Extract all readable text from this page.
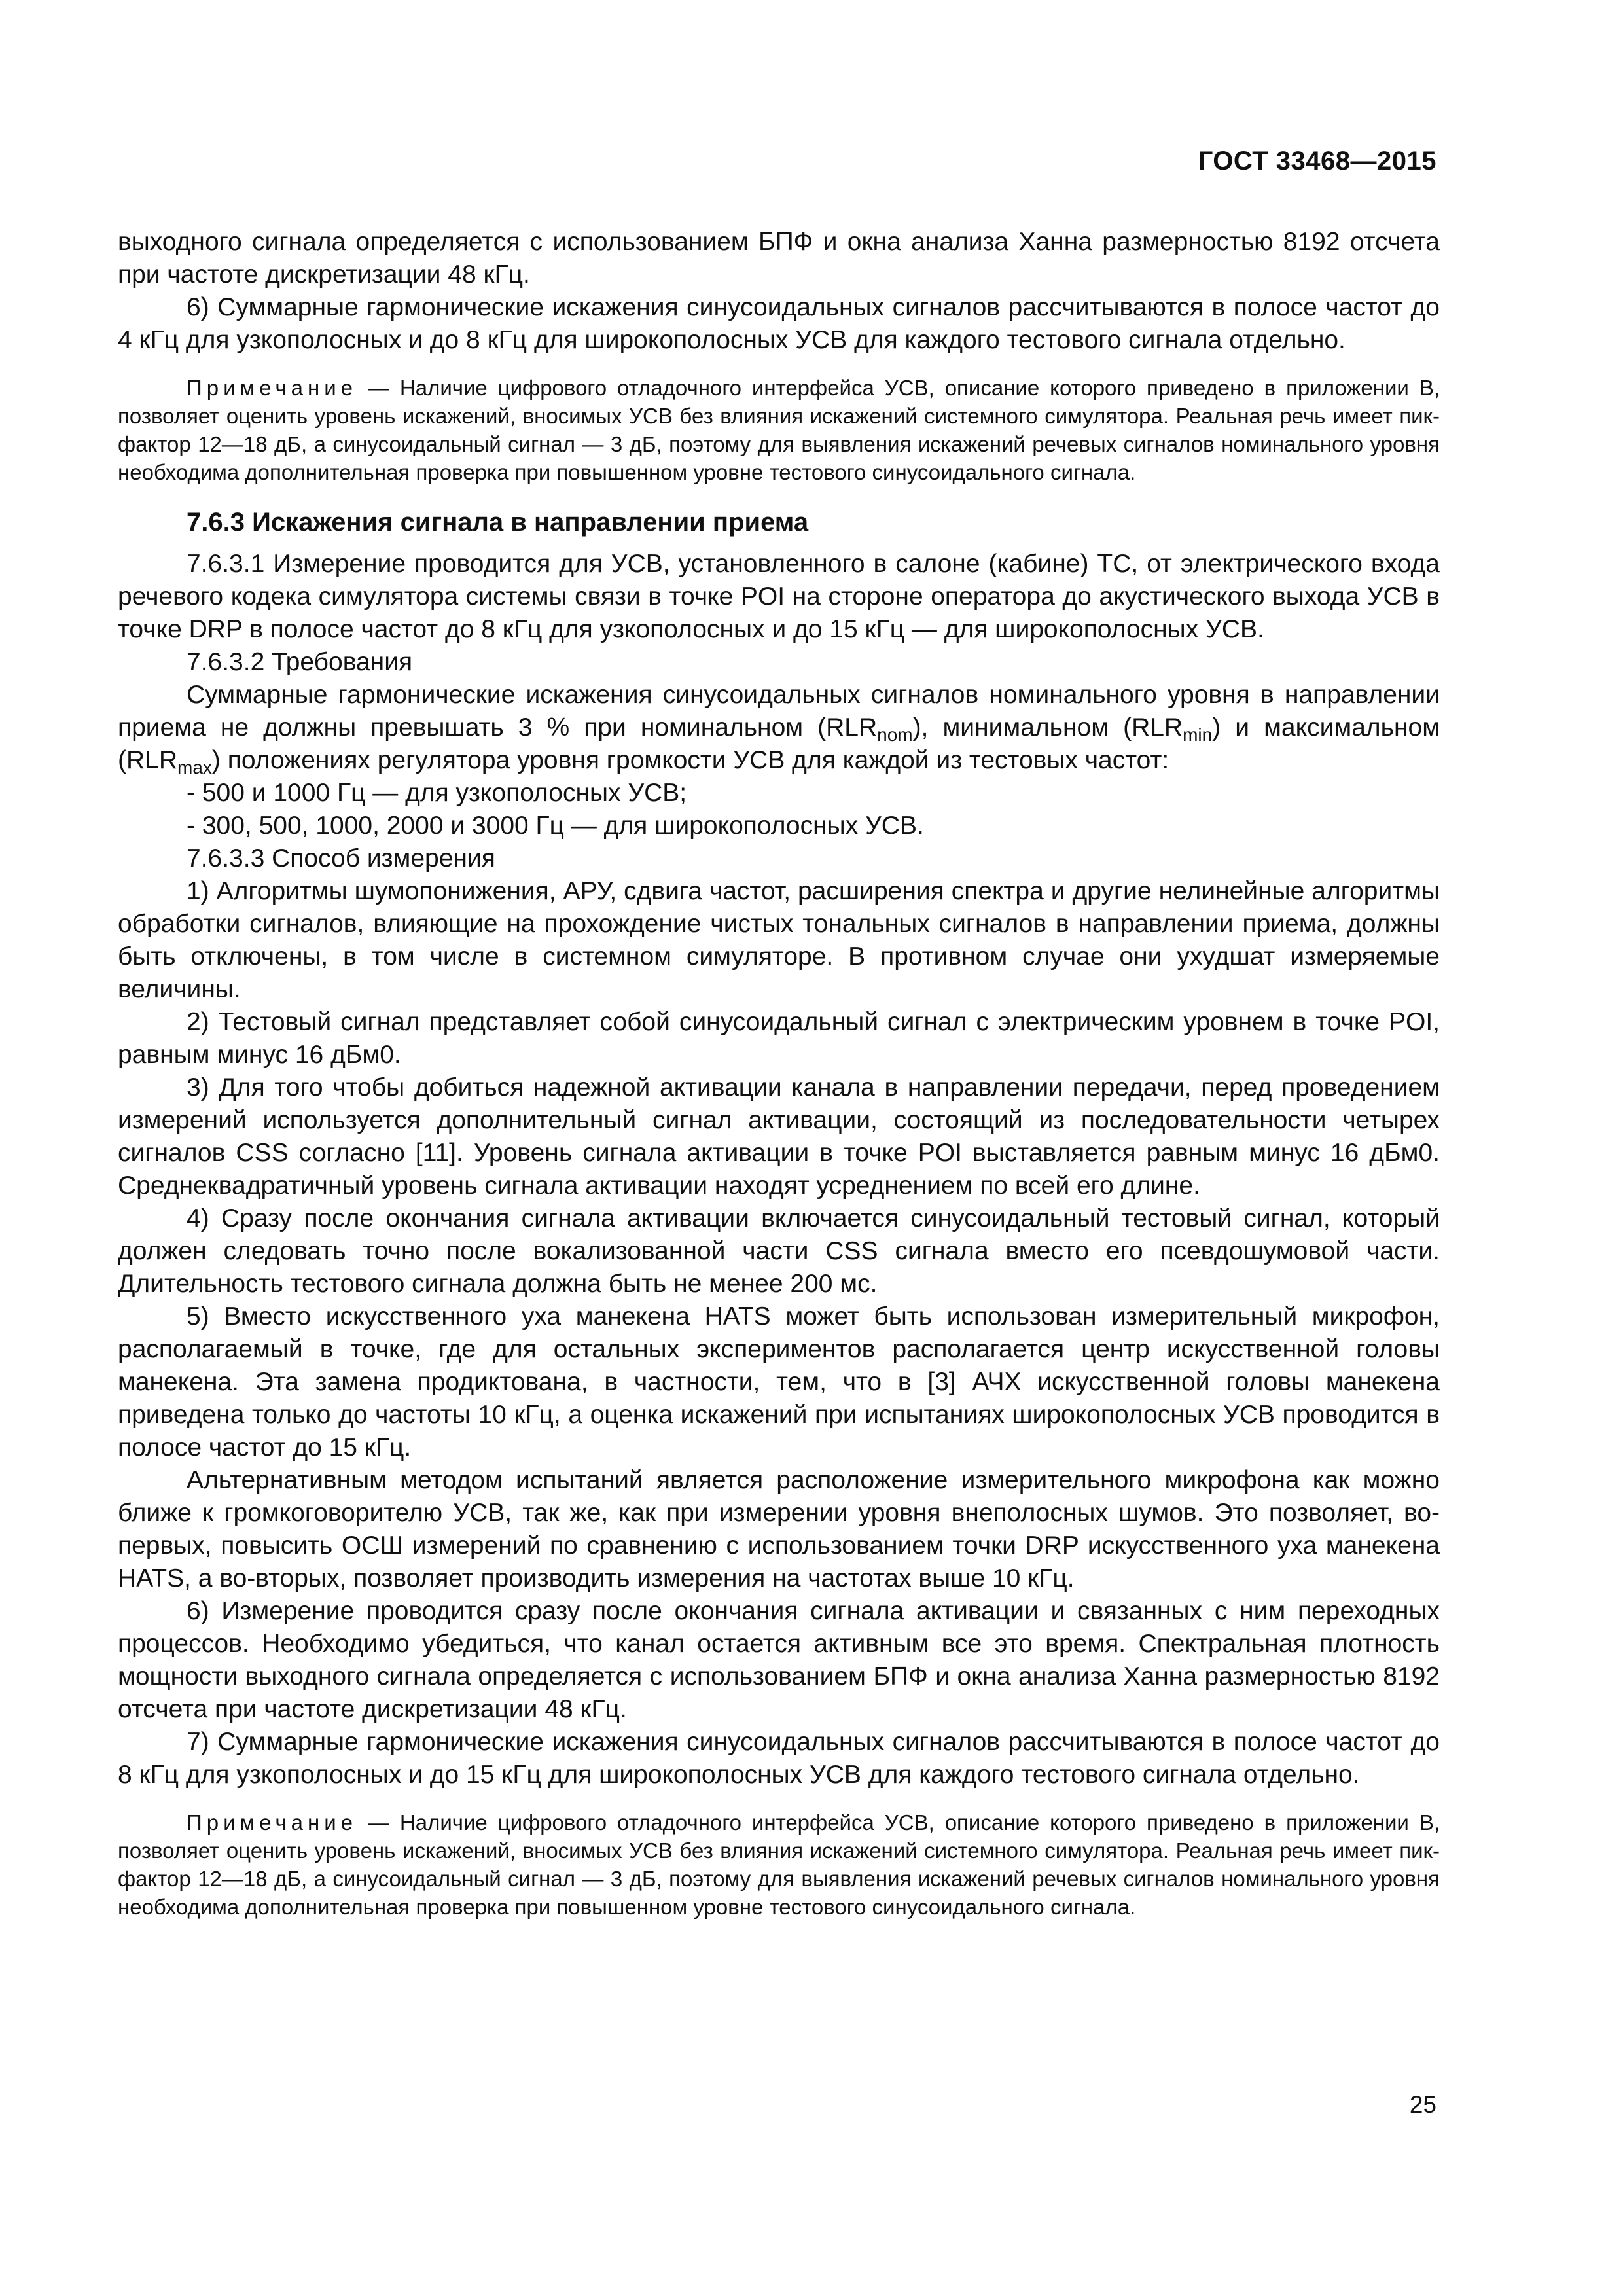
ГОСТ 33468—2015

выходного сигнала определяется с использованием БПФ и окна анализа Ханна размерностью 8192 отсчета при частоте дискретизации 48 кГц.

6) Суммарные гармонические искажения синусоидальных сигналов рассчитываются в полосе частот до 4 кГц для узкополосных и до 8 кГц для широкополосных УСВ для каждого тестового сигнала отдельно.

Примечание — Наличие цифрового отладочного интерфейса УСВ, описание которого приведено в приложении В, позволяет оценить уровень искажений, вносимых УСВ без влияния искажений системного симулятора. Реальная речь имеет пик-фактор 12—18 дБ, а синусоидальный сигнал — 3 дБ, поэтому для выявления искажений речевых сигналов номинального уровня необходима дополнительная проверка при повышенном уровне тестового синусоидального сигнала.

7.6.3 Искажения сигнала в направлении приема

7.6.3.1 Измерение проводится для УСВ, установленного в салоне (кабине) ТС, от электрического входа речевого кодека симулятора системы связи в точке POI на стороне оператора до акустического выхода УСВ в точке DRP в полосе частот до 8 кГц для узкополосных и до 15 кГц — для широкополосных УСВ.

7.6.3.2 Требования

Суммарные гармонические искажения синусоидальных сигналов номинального уровня в направлении приема не должны превышать 3 % при номинальном $(RLR_{nom})$, минимальном $(RLR_{min})$ и максимальном $(RLR_{max})$ положениях регулятора уровня громкости УСВ для каждой из тестовых частот:

- 500 и 1000 Гц — для узкополосных УСВ;

- 300, 500, 1000, 2000 и 3000 Гц — для широкополосных УСВ.

7.6.3.3 Способ измерения

1) Алгоритмы шумопонижения, АРУ, сдвига частот, расширения спектра и другие нелинейные алгоритмы обработки сигналов, влияющие на прохождение чистых тональных сигналов в направлении приема, должны быть отключены, в том числе в системном симуляторе. В противном случае они ухудшат измеряемые величины.

2) Тестовый сигнал представляет собой синусоидальный сигнал с электрическим уровнем в точке POI, равным минус 16 дБм0.

3) Для того чтобы добиться надежной активации канала в направлении передачи, перед проведением измерений используется дополнительный сигнал активации, состоящий из последовательности четырех сигналов CSS согласно [11]. Уровень сигнала активации в точке POI выставляется равным минус 16 дБм0. Среднеквадратичный уровень сигнала активации находят усреднением по всей его длине.

4) Сразу после окончания сигнала активации включается синусоидальный тестовый сигнал, который должен следовать точно после вокализованной части CSS сигнала вместо его псевдошумовой части. Длительность тестового сигнала должна быть не менее 200 мс.

5) Вместо искусственного уха манекена HATS может быть использован измерительный микрофон, располагаемый в точке, где для остальных экспериментов располагается центр искусственной головы манекена. Эта замена продиктована, в частности, тем, что в [3] АЧХ искусственной головы манекена приведена только до частоты 10 кГц, а оценка искажений при испытаниях широкополосных УСВ проводится в полосе частот до 15 кГц.

Альтернативным методом испытаний является расположение измерительного микрофона как можно ближе к громкоговорителю УСВ, так же, как при измерении уровня внеполосных шумов. Это позволяет, во-первых, повысить ОСШ измерений по сравнению с использованием точки DRP искусственного уха манекена HATS, а во-вторых, позволяет производить измерения на частотах выше 10 кГц.

6) Измерение проводится сразу после окончания сигнала активации и связанных с ним переходных процессов. Необходимо убедиться, что канал остается активным все это время. Спектральная плотность мощности выходного сигнала определяется с использованием БПФ и окна анализа Ханна размерностью 8192 отсчета при частоте дискретизации 48 кГц.

7) Суммарные гармонические искажения синусоидальных сигналов рассчитываются в полосе частот до 8 кГц для узкополосных и до 15 кГц для широкополосных УСВ для каждого тестового сигнала отдельно.

Примечание — Наличие цифрового отладочного интерфейса УСВ, описание которого приведено в приложении В, позволяет оценить уровень искажений, вносимых УСВ без влияния искажений системного симулятора. Реальная речь имеет пик-фактор 12—18 дБ, а синусоидальный сигнал — 3 дБ, поэтому для выявления искажений речевых сигналов номинального уровня необходима дополнительная проверка при повышенном уровне тестового синусоидального сигнала.

25
